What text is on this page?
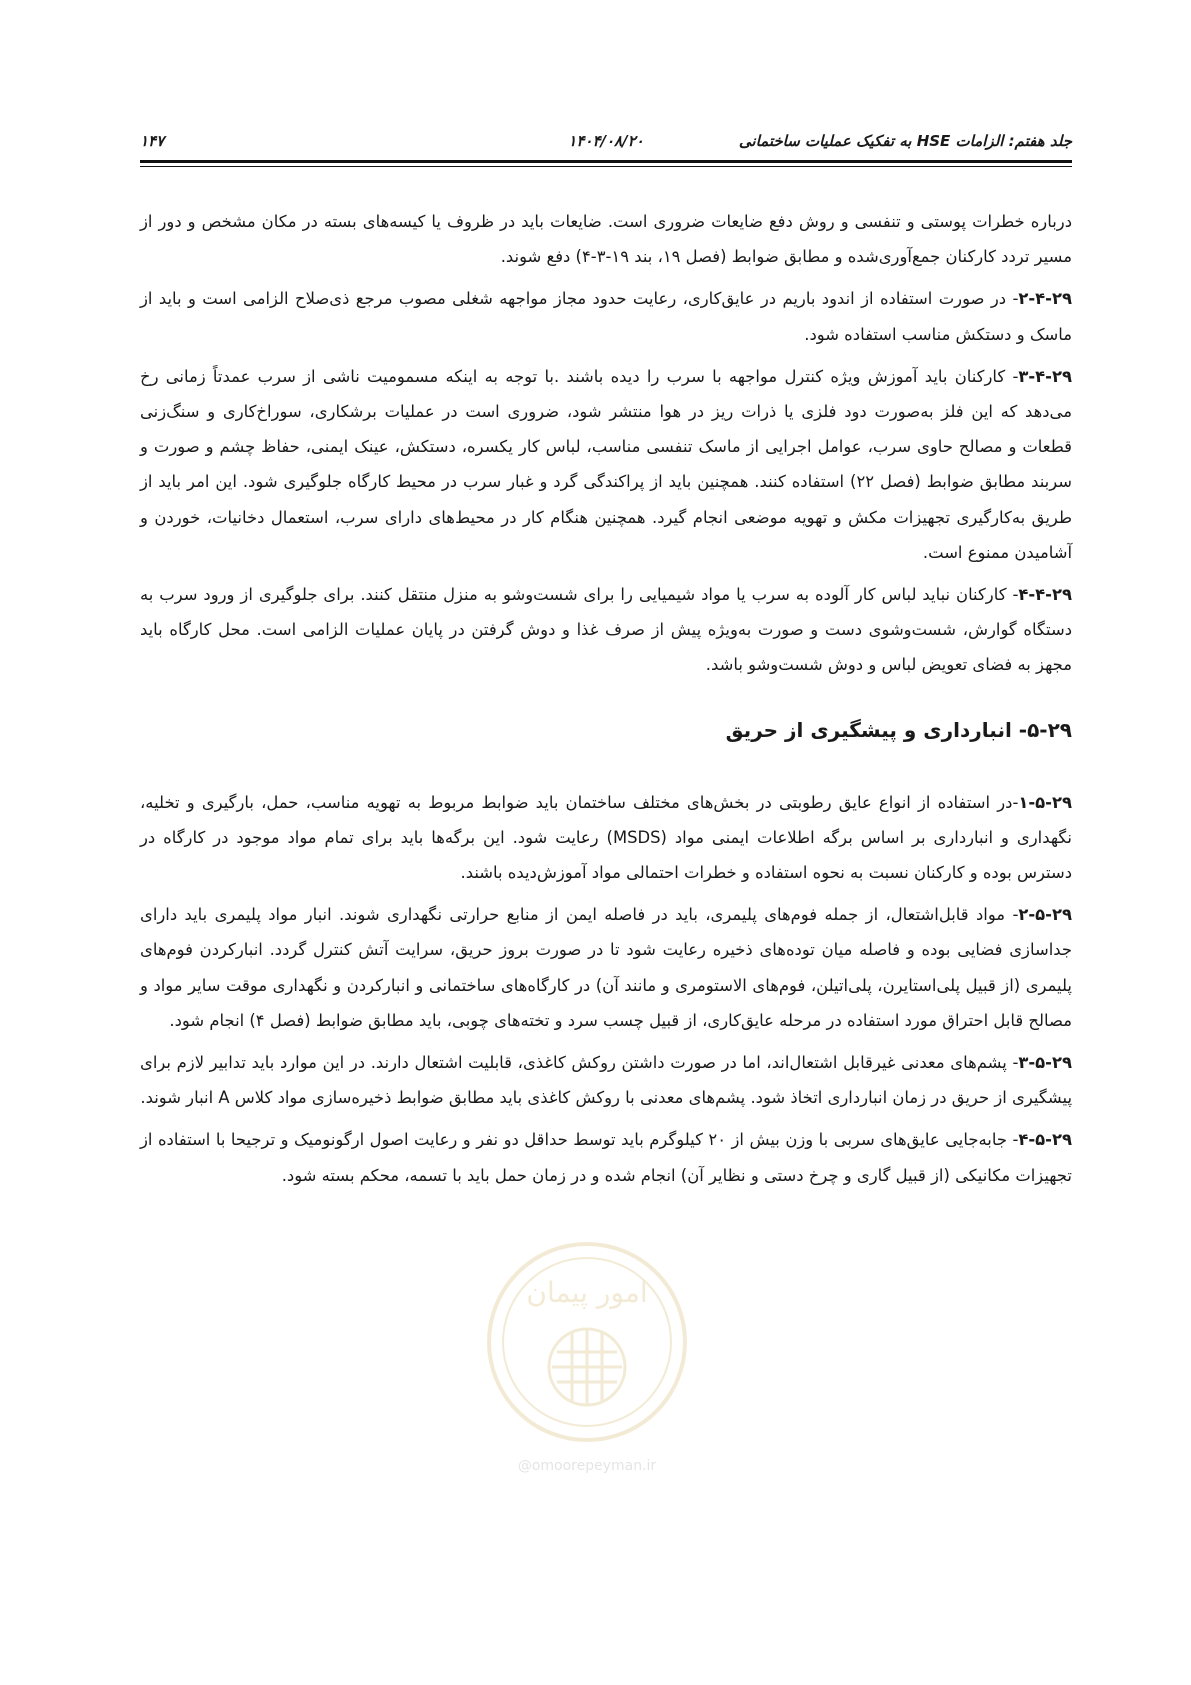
جلد هفتم: الزامات HSE به تفکیک عملیات ساختمانی
۱۴۰۴/۰۸/۲۰
۱۴۷

درباره خطرات پوستی و تنفسی و روش دفع ضایعات ضروری است. ضایعات باید در ظروف یا کیسه‌های بسته در مکان مشخص و دور از مسیر تردد کارکنان جمع‌آوری‌شده و مطابق ضوابط (فصل ۱۹، بند ۱۹-۳-۴) دفع شوند.

۲-۴-۲۹- در صورت استفاده از اندود باریم در عایق‌کاری، رعایت حدود مجاز مواجهه شغلی مصوب مرجع ذی‌صلاح الزامی است و باید از ماسک و دستکش مناسب استفاده شود.

۳-۴-۲۹- کارکنان باید آموزش ویژه کنترل مواجهه با سرب را دیده باشند .با توجه به اینکه مسمومیت ناشی از سرب عمدتاً زمانی رخ می‌دهد که این فلز به‌صورت دود فلزی یا ذرات ریز در هوا منتشر شود، ضروری است در عملیات برشکاری، سوراخ‌کاری و سنگ‌زنی قطعات و مصالح حاوی سرب، عوامل اجرایی از ماسک تنفسی مناسب، لباس کار یکسره، دستکش، عینک ایمنی، حفاظ چشم و صورت و سربند مطابق ضوابط (فصل ۲۲) استفاده کنند. همچنین باید از پراکندگی گرد و غبار سرب در محیط کارگاه جلوگیری شود. این امر باید از طریق به‌کارگیری تجهیزات مکش و تهویه موضعی انجام گیرد. همچنین هنگام کار در محیط‌های دارای سرب، استعمال دخانیات، خوردن و آشامیدن ممنوع است.

۴-۴-۲۹- کارکنان نباید لباس کار آلوده به سرب یا مواد شیمیایی را برای شست‌وشو به منزل منتقل کنند. برای جلوگیری از ورود سرب به دستگاه گوارش، شست‌وشوی دست و صورت به‌ویژه پیش از صرف غذا و دوش گرفتن در پایان عملیات الزامی است. محل کارگاه باید مجهز به فضای تعویض لباس و دوش شست‌وشو باشد.

۵-۲۹- انبارداری و پیشگیری از حریق

۱-۵-۲۹-در استفاده از انواع عایق رطوبتی در بخش‌های مختلف ساختمان باید ضوابط مربوط به تهویه مناسب، حمل، بارگیری و تخلیه، نگهداری و انبارداری بر اساس برگه اطلاعات ایمنی مواد (MSDS) رعایت شود. این برگه‌ها باید برای تمام مواد موجود در کارگاه در دسترس بوده و کارکنان نسبت به نحوه استفاده و خطرات احتمالی مواد آموزش‌دیده باشند.

۲-۵-۲۹- مواد قابل‌اشتعال، از جمله فوم‌های پلیمری، باید در فاصله ایمن از منابع حرارتی نگهداری شوند. انبار مواد پلیمری باید دارای جداسازی فضایی بوده و فاصله میان توده‌های ذخیره رعایت شود تا در صورت بروز حریق، سرایت آتش کنترل گردد. انبارکردن فوم‌های پلیمری (از قبیل پلی‌استایرن، پلی‌اتیلن، فوم‌های الاستومری و مانند آن) در کارگاه‌های ساختمانی و انبارکردن و نگهداری موقت سایر مواد و مصالح قابل احتراق مورد استفاده در مرحله عایق‌کاری، از قبیل چسب سرد و تخته‌های چوبی، باید مطابق ضوابط (فصل ۴) انجام شود.

۳-۵-۲۹- پشم‌های معدنی غیرقابل اشتعال‌اند، اما در صورت داشتن روکش کاغذی، قابلیت اشتعال دارند. در این موارد باید تدابیر لازم برای پیشگیری از حریق در زمان انبارداری اتخاذ شود. پشم‌های معدنی با روکش کاغذی باید مطابق ضوابط ذخیره‌سازی مواد کلاس A انبار شوند.

۴-۵-۲۹- جابه‌جایی عایق‌های سربی با وزن بیش از ۲۰ کیلوگرم باید توسط حداقل دو نفر و رعایت اصول ارگونومیک و ترجیحا با استفاده از تجهیزات مکانیکی (از قبیل گاری و چرخ دستی و نظایر آن) انجام شده و در زمان حمل باید با تسمه، محکم بسته شود.

امور پیمان
@omoorepeyman.ir
